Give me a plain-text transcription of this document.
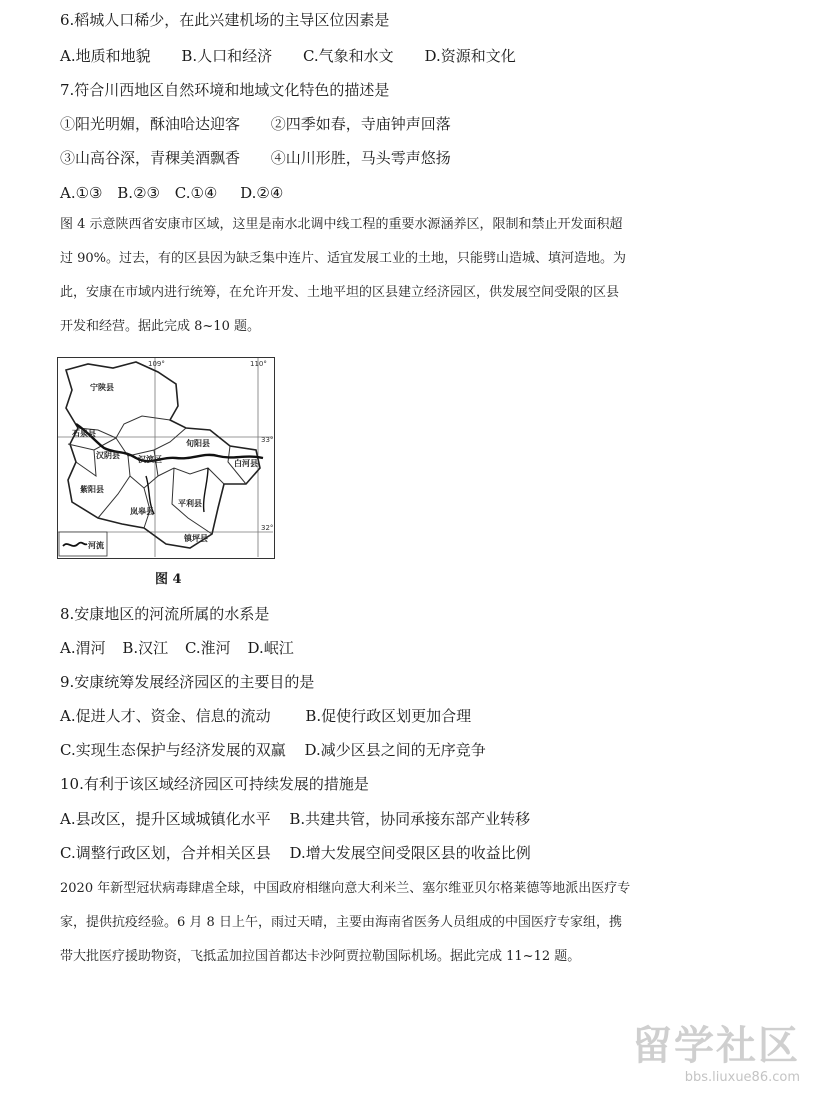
6.稻城人口稀少，在此兴建机场的主导区位因素是
A.地质和地貌 B.人口和经济 C.气象和水文 D.资源和文化
7.符合川西地区自然环境和地域文化特色的描述是
①阳光明媚，酥油哈达迎客 ②四季如春，寺庙钟声回落
③山高谷深，青稞美酒飘香 ④山川形胜，马头雩声悠扬
A.①③ B.②③ C.①④ D.②④
图 4 示意陕西省安康市区域，这里是南水北调中线工程的重要水源涵养区，限制和禁止开发面积超
过 90%。过去，有的区县因为缺乏集中连片、适宜发展工业的土地，只能劈山造城、填河造地。为
此，安康在市域内进行统筹，在允许开发、土地平坦的区县建立经济园区，供发展空间受限的区县
开发和经营。据此完成 8~10 题。
109°	110°
33°
32°
宁陕县
石泉县
汉阴县 汉滨区
旬阳县
白河县
紫阳县
岚皋县
平利县
镇坪县
河流
图 4
8.安康地区的河流所属的水系是
A.渭河 B.汉江 C.淮河 D.岷江
9.安康统筹发展经济园区的主要目的是
A.促进人才、资金、信息的流动 B.促使行政区划更加合理
C.实现生态保护与经济发展的双赢 D.减少区县之间的无序竞争
10.有利于该区域经济园区可持续发展的措施是
A.县改区，提升区域城镇化水平 B.共建共管，协同承接东部产业转移
C.调整行政区划，合并相关区县 D.增大发展空间受限区县的收益比例
2020 年新型冠状病毒肆虐全球，中国政府相继向意大利米兰、塞尔维亚贝尔格莱德等地派出医疗专
家，提供抗疫经验。6 月 8 日上午，雨过天晴，主要由海南省医务人员组成的中国医疗专家组，携
带大批医疗援助物资，飞抵孟加拉国首都达卡沙阿贾拉勒国际机场。据此完成 11~12 题。
留学社区
bbs.liuxue86.com
